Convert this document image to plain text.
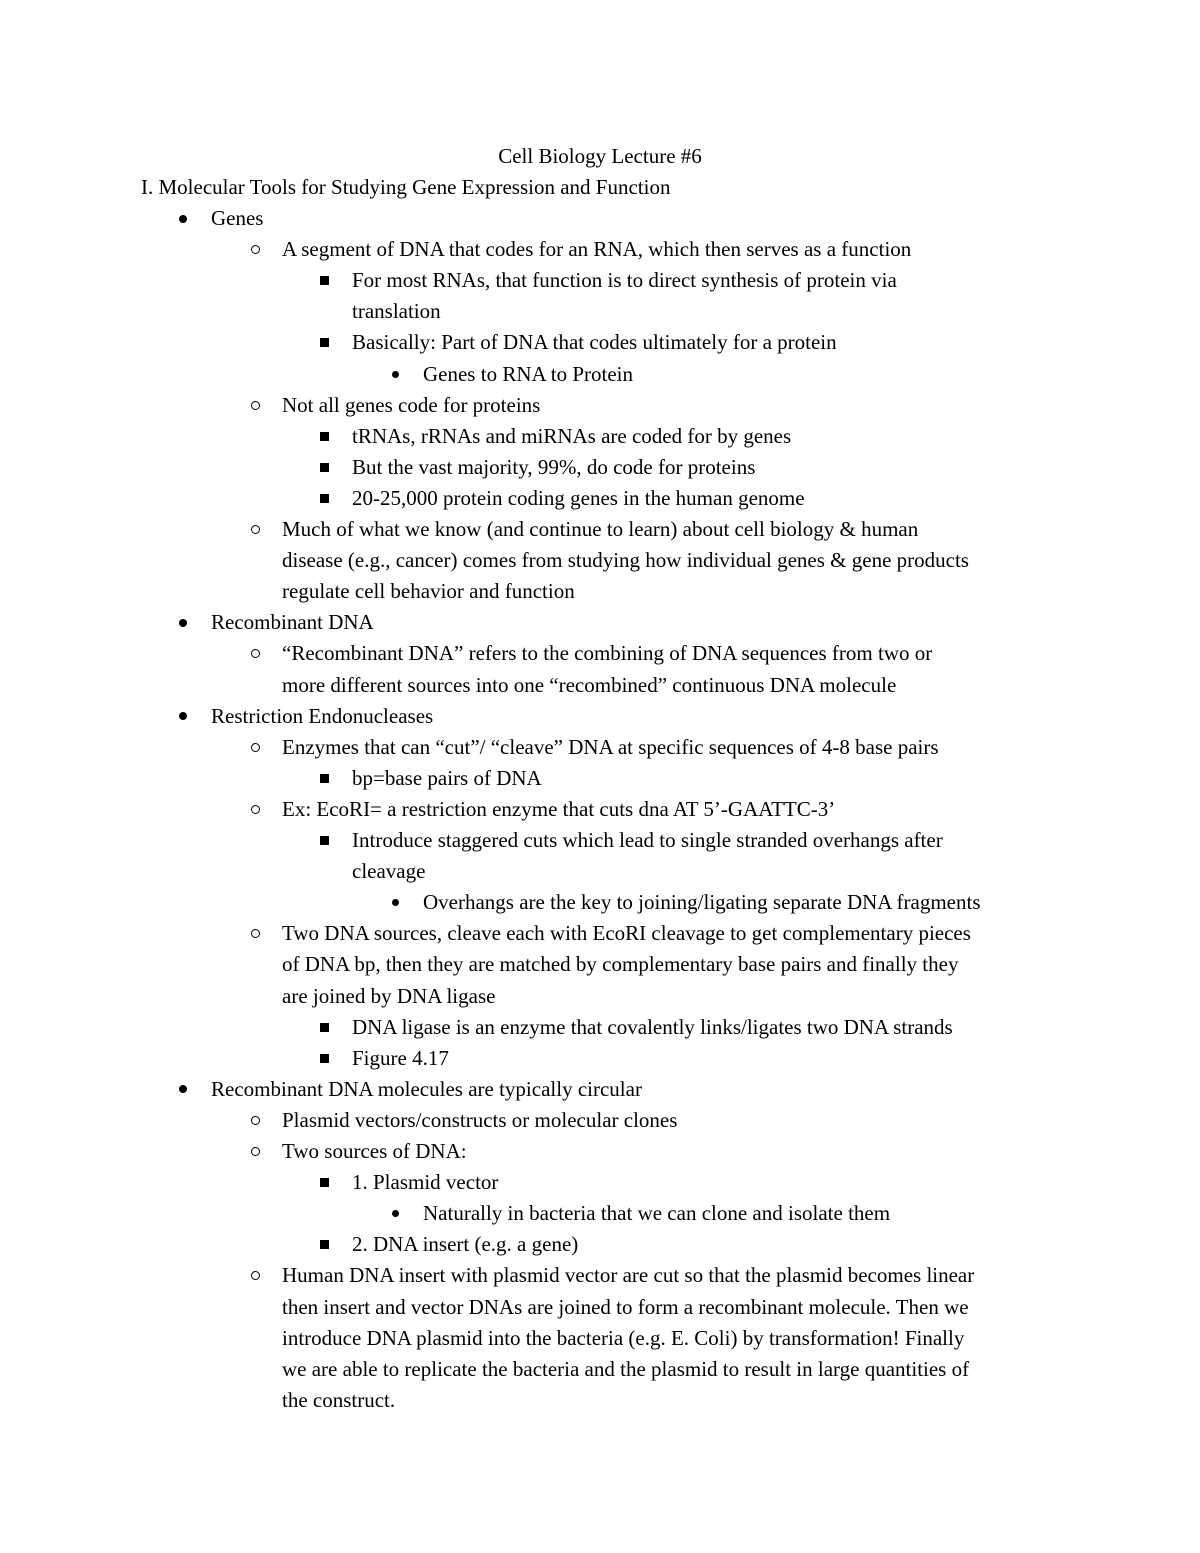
Cell Biology Lecture #6
I. Molecular Tools for Studying Gene Expression and Function
Genes
A segment of DNA that codes for an RNA, which then serves as a function
For most RNAs, that function is to direct synthesis of protein via
translation
Basically: Part of DNA that codes ultimately for a protein
Genes to RNA to Protein
Not all genes code for proteins
tRNAs, rRNAs and miRNAs are coded for by genes
But the vast majority, 99%, do code for proteins
20-25,000 protein coding genes in the human genome
Much of what we know (and continue to learn) about cell biology & human
disease (e.g., cancer) comes from studying how individual genes & gene products
regulate cell behavior and function
Recombinant DNA
“Recombinant DNA” refers to the combining of DNA sequences from two or
more different sources into one “recombined” continuous DNA molecule
Restriction Endonucleases
Enzymes that can “cut”/ “cleave” DNA at specific sequences of 4-8 base pairs
bp=base pairs of DNA
Ex: EcoRI= a restriction enzyme that cuts dna AT 5’-GAATTC-3’
Introduce staggered cuts which lead to single stranded overhangs after
cleavage
Overhangs are the key to joining/ligating separate DNA fragments
Two DNA sources, cleave each with EcoRI cleavage to get complementary pieces
of DNA bp, then they are matched by complementary base pairs and finally they
are joined by DNA ligase
DNA ligase is an enzyme that covalently links/ligates two DNA strands
Figure 4.17
Recombinant DNA molecules are typically circular
Plasmid vectors/constructs or molecular clones
Two sources of DNA:
1. Plasmid vector
Naturally in bacteria that we can clone and isolate them
2. DNA insert (e.g. a gene)
Human DNA insert with plasmid vector are cut so that the plasmid becomes linear
then insert and vector DNAs are joined to form a recombinant molecule. Then we
introduce DNA plasmid into the bacteria (e.g. E. Coli) by transformation! Finally
we are able to replicate the bacteria and the plasmid to result in large quantities of
the construct.
